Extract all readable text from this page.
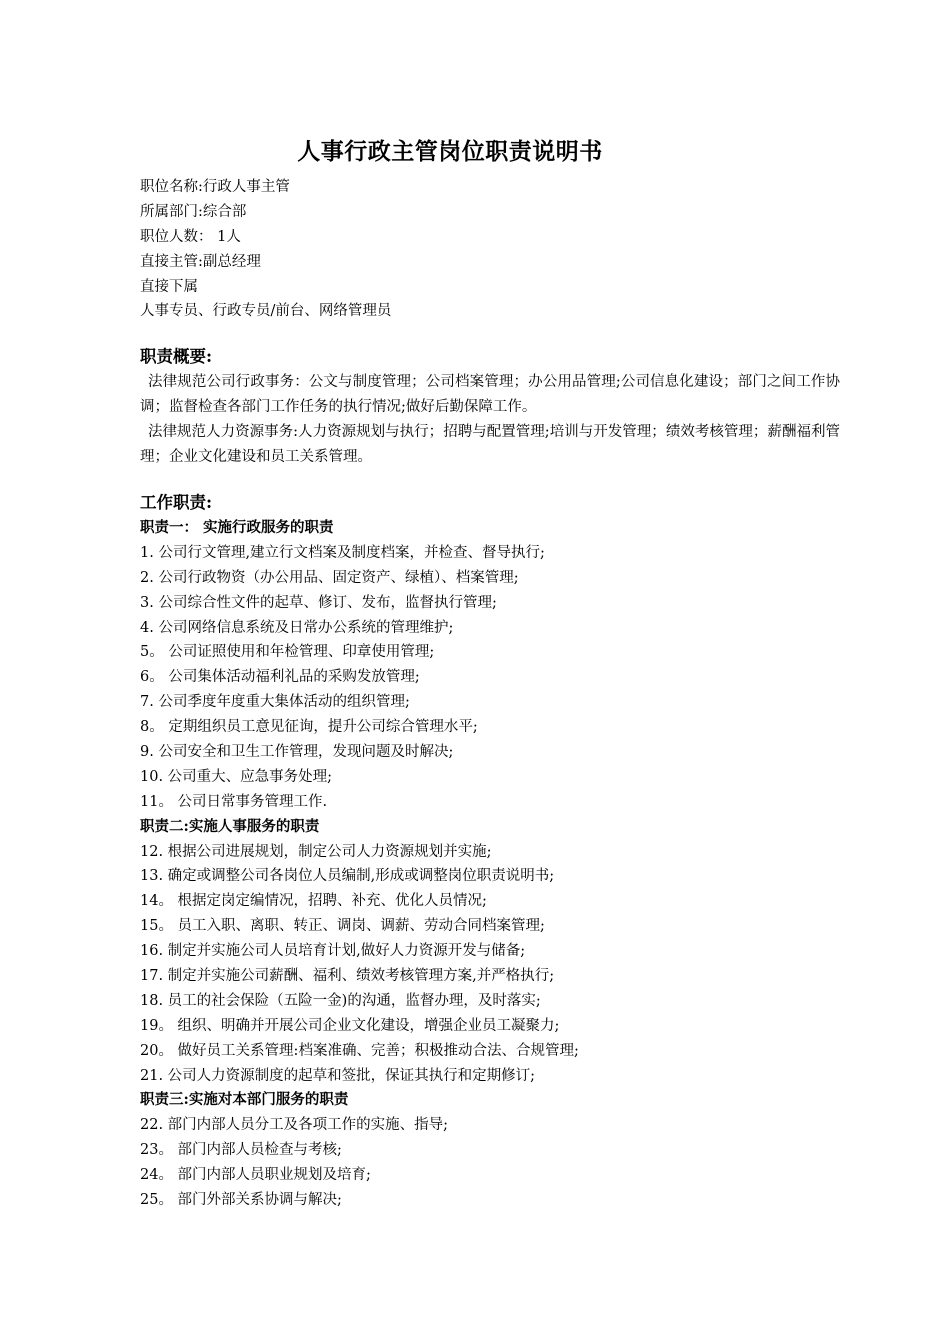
人事行政主管岗位职责说明书
职位名称:行政人事主管
所属部门:综合部
职位人数： 1人
直接主管:副总经理
直接下属
人事专员、行政专员/前台、网络管理员
职责概要:
法律规范公司行政事务：公文与制度管理；公司档案管理；办公用品管理;公司信息化建设；部门之间工作协调；监督检查各部门工作任务的执行情况;做好后勤保障工作。
法律规范人力资源事务:人力资源规划与执行；招聘与配置管理;培训与开发管理；绩效考核管理；薪酬福利管理；企业文化建设和员工关系管理。
工作职责:
职责一： 实施行政服务的职责
1. 公司行文管理,建立行文档案及制度档案，并检查、督导执行;
2. 公司行政物资（办公用品、固定资产、绿植）、档案管理;
3. 公司综合性文件的起草、修订、发布，监督执行管理;
4. 公司网络信息系统及日常办公系统的管理维护;
5。 公司证照使用和年检管理、印章使用管理;
6。 公司集体活动福利礼品的采购发放管理;
7. 公司季度年度重大集体活动的组织管理;
8。 定期组织员工意见征询，提升公司综合管理水平;
9. 公司安全和卫生工作管理，发现问题及时解决;
10. 公司重大、应急事务处理;
11。 公司日常事务管理工作.
职责二:实施人事服务的职责
12. 根据公司进展规划，制定公司人力资源规划并实施;
13. 确定或调整公司各岗位人员编制,形成或调整岗位职责说明书;
14。 根据定岗定编情况，招聘、补充、优化人员情况;
15。 员工入职、离职、转正、调岗、调薪、劳动合同档案管理;
16. 制定并实施公司人员培育计划,做好人力资源开发与储备;
17. 制定并实施公司薪酬、福利、绩效考核管理方案,并严格执行;
18. 员工的社会保险（五险一金)的沟通，监督办理，及时落实;
19。 组织、明确并开展公司企业文化建设，增强企业员工凝聚力;
20。 做好员工关系管理:档案准确、完善；积极推动合法、合规管理;
21. 公司人力资源制度的起草和签批，保证其执行和定期修订;
职责三:实施对本部门服务的职责
22. 部门内部人员分工及各项工作的实施、指导;
23。 部门内部人员检查与考核;
24。 部门内部人员职业规划及培育;
25。 部门外部关系协调与解决;
